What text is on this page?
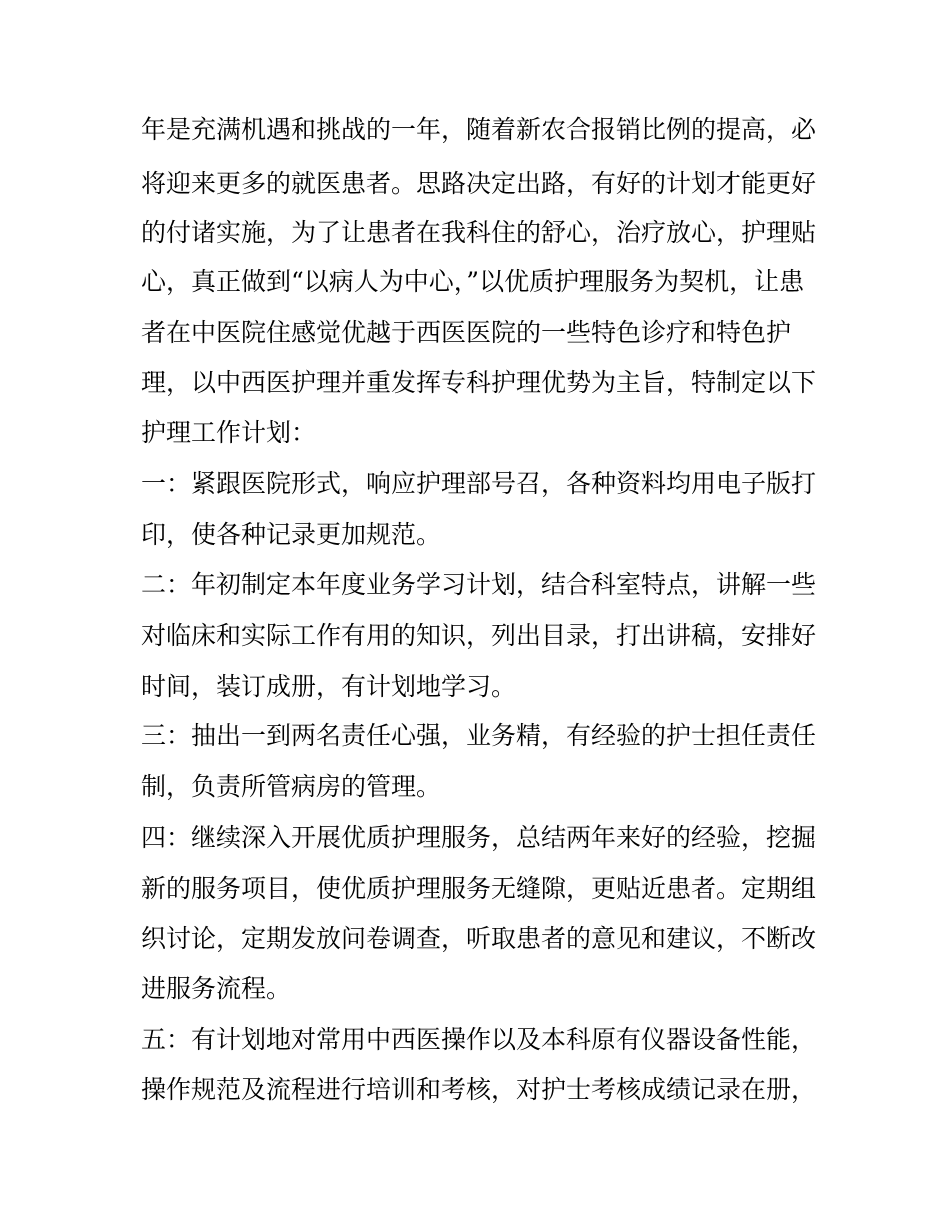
年是充满机遇和挑战的一年，随着新农合报销比例的提高，必
将迎来更多的就医患者。思路决定出路，有好的计划才能更好
的付诸实施，为了让患者在我科住的舒心，治疗放心，护理贴
心，真正做到“以病人为中心，”以优质护理服务为契机，让患
者在中医院住感觉优越于西医医院的一些特色诊疗和特色护
理，以中西医护理并重发挥专科护理优势为主旨，特制定以下
护理工作计划：
一：紧跟医院形式，响应护理部号召，各种资料均用电子版打
印，使各种记录更加规范。
二：年初制定本年度业务学习计划，结合科室特点，讲解一些
对临床和实际工作有用的知识，列出目录，打出讲稿，安排好
时间，装订成册，有计划地学习。
三：抽出一到两名责任心强，业务精，有经验的护士担任责任
制，负责所管病房的管理。
四：继续深入开展优质护理服务，总结两年来好的经验，挖掘
新的服务项目，使优质护理服务无缝隙，更贴近患者。定期组
织讨论，定期发放问卷调查，听取患者的意见和建议，不断改
进服务流程。
五：有计划地对常用中西医操作以及本科原有仪器设备性能，
操作规范及流程进行培训和考核，对护士考核成绩记录在册，
